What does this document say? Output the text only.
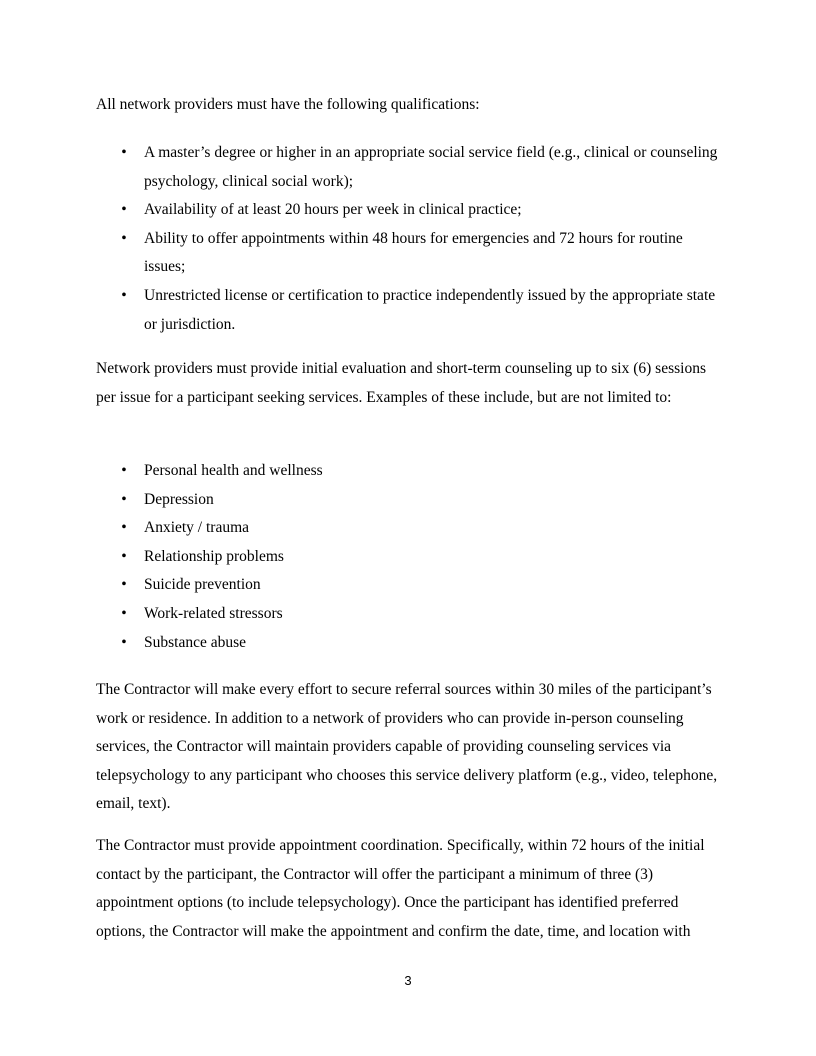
All network providers must have the following qualifications:

• A master’s degree or higher in an appropriate social service field (e.g., clinical or counseling psychology, clinical social work);
• Availability of at least 20 hours per week in clinical practice;
• Ability to offer appointments within 48 hours for emergencies and 72 hours for routine issues;
• Unrestricted license or certification to practice independently issued by the appropriate state or jurisdiction.

Network providers must provide initial evaluation and short-term counseling up to six (6) sessions per issue for a participant seeking services. Examples of these include, but are not limited to:

• Personal health and wellness
• Depression
• Anxiety / trauma
• Relationship problems
• Suicide prevention
• Work-related stressors
• Substance abuse

The Contractor will make every effort to secure referral sources within 30 miles of the participant’s work or residence. In addition to a network of providers who can provide in-person counseling services, the Contractor will maintain providers capable of providing counseling services via telepsychology to any participant who chooses this service delivery platform (e.g., video, telephone, email, text).

The Contractor must provide appointment coordination. Specifically, within 72 hours of the initial contact by the participant, the Contractor will offer the participant a minimum of three (3) appointment options (to include telepsychology). Once the participant has identified preferred options, the Contractor will make the appointment and confirm the date, time, and location with

3
